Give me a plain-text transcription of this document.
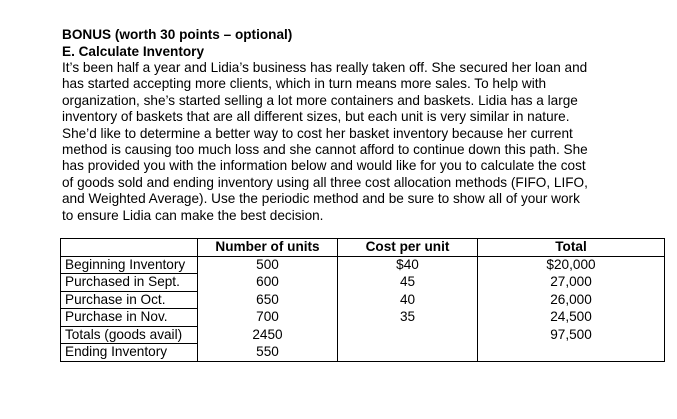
BONUS (worth 30 points – optional)

E. Calculate Inventory

It’s been half a year and Lidia’s business has really taken off. She secured her loan and
has started accepting more clients, which in turn means more sales. To help with
organization, she’s started selling a lot more containers and baskets. Lidia has a large
inventory of baskets that are all different sizes, but each unit is very similar in nature.
She’d like to determine a better way to cost her basket inventory because her current
method is causing too much loss and she cannot afford to continue down this path. She
has provided you with the information below and would like for you to calculate the cost
of goods sold and ending inventory using all three cost allocation methods (FIFO, LIFO,
and Weighted Average). Use the periodic method and be sure to show all of your work
to ensure Lidia can make the best decision.

	Number of units	Cost per unit	Total
Beginning Inventory	500	$40	$20,000
Purchased in Sept.	600	45	27,000
Purchase in Oct.	650	40	26,000
Purchase in Nov.	700	35	24,500
Totals (goods avail)	2450		97,500
Ending Inventory	550		
